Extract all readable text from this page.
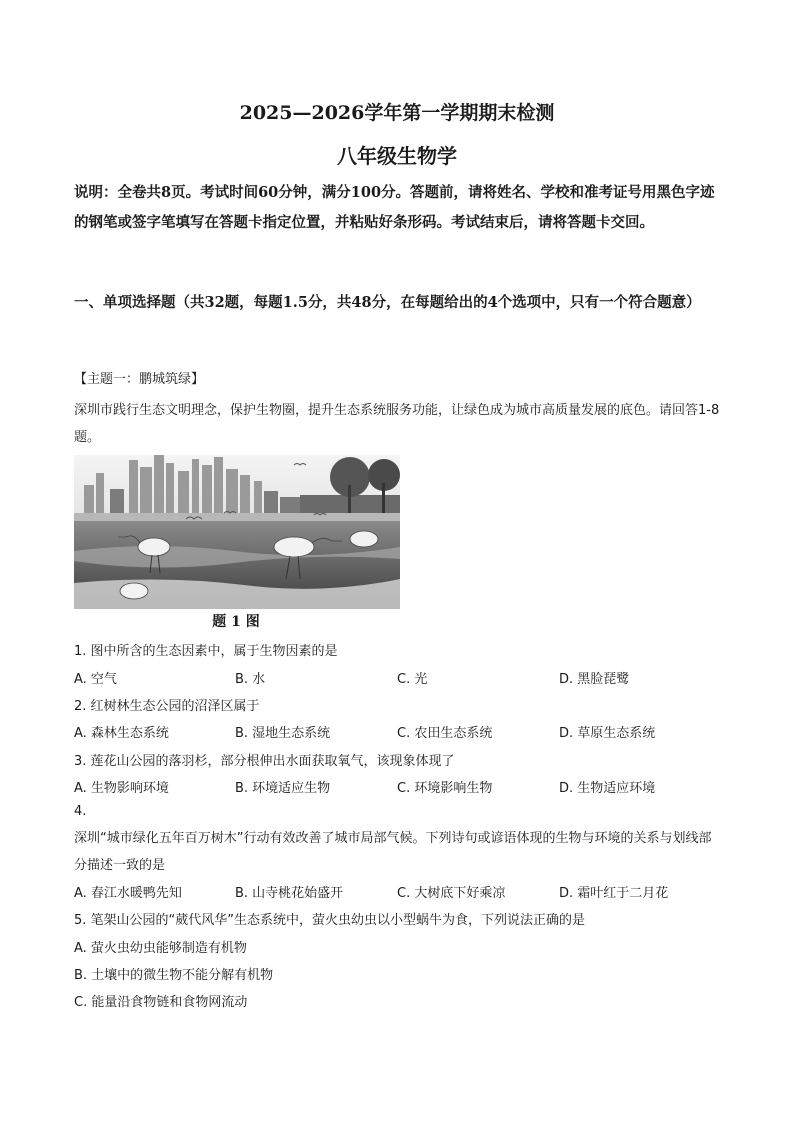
2025—2026学年第一学期期末检测
八年级生物学
说明：全卷共8页。考试时间60分钟，满分100分。答题前，请将姓名、学校和准考证号用黑色字迹的钢笔或签字笔填写在答题卡指定位置，并粘贴好条形码。考试结束后，请将答题卡交回。
一、单项选择题（共32题，每题1.5分，共48分，在每题给出的4个选项中，只有一个符合题意）
【主题一：鹏城筑绿】
深圳市践行生态文明理念，保护生物圈，提升生态系统服务功能，让绿色成为城市高质量发展的底色。请回答1-8题。
题 1 图
1. 图中所含的生态因素中，属于生物因素的是
A. 空气	B. 水	C. 光	D. 黑脸琵鹭
2. 红树林生态公园的沼泽区属于
A. 森林生态系统	B. 湿地生态系统	C. 农田生态系统	D. 草原生态系统
3. 莲花山公园的落羽杉，部分根伸出水面获取氧气，该现象体现了
A. 生物影响环境	B. 环境适应生物	C. 环境影响生物	D. 生物适应环境
4.
深圳“城市绿化五年百万树木”行动有效改善了城市局部气候。下列诗句或谚语体现的生物与环境的关系与划线部分描述一致的是
A. 春江水暖鸭先知	B. 山寺桃花始盛开	C. 大树底下好乘凉	D. 霜叶红于二月花
5. 笔架山公园的“葳代风华”生态系统中，萤火虫幼虫以小型蜗牛为食，下列说法正确的是
A. 萤火虫幼虫能够制造有机物
B. 土壤中的微生物不能分解有机物
C. 能量沿食物链和食物网流动
